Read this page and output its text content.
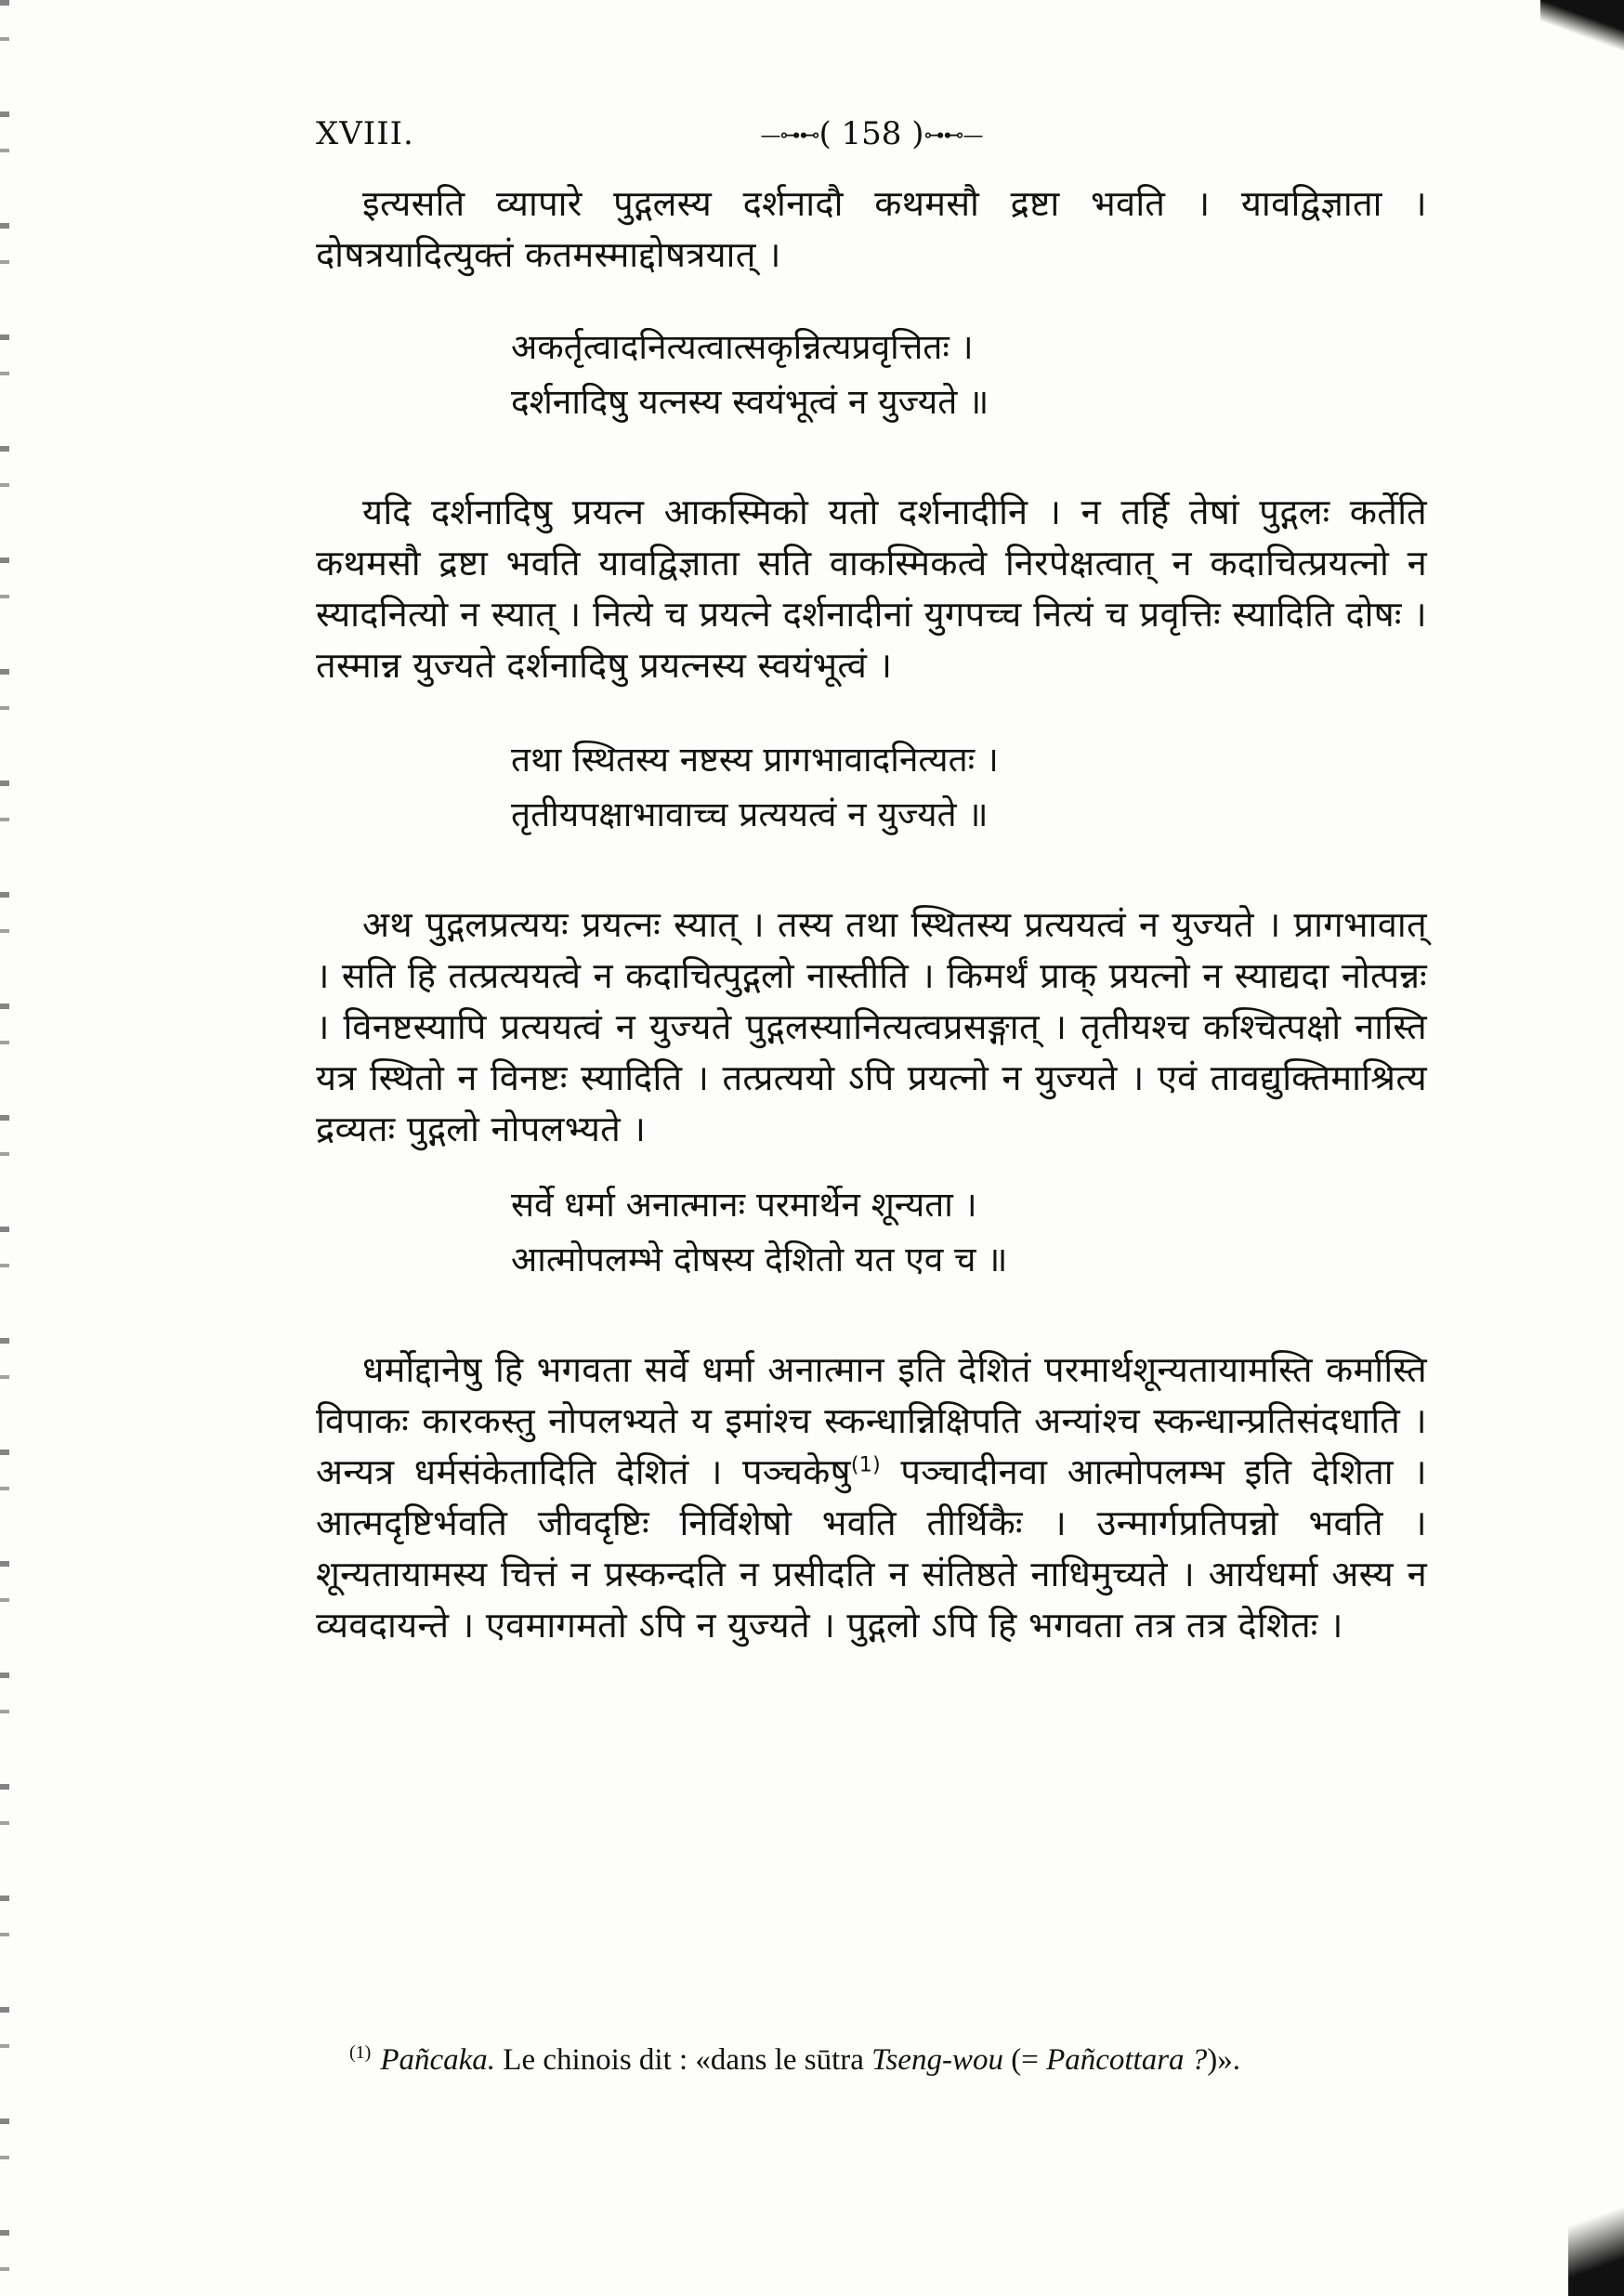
XVIII.	—⊶⊷( 158 )⊶⊷—

इत्यसति व्यापारे पुद्गलस्य दर्शनादौ कथमसौ द्रष्टा भवति । यावद्विज्ञाता । दोषत्रयादित्युक्तं कतमस्माद्दोषत्रयात् ।

अकर्तृत्वादनित्यत्वात्सकृन्नित्यप्रवृत्तितः ।
दर्शनादिषु यत्नस्य स्वयंभूत्वं न युज्यते ॥

यदि दर्शनादिषु प्रयत्न आकस्मिको यतो दर्शनादीनि । न तर्हि तेषां पुद्गलः कर्तेति कथमसौ द्रष्टा भवति यावद्विज्ञाता सति वाकस्मिकत्वे निरपेक्षत्वात् न कदाचित्प्रयत्नो न स्यादनित्यो न स्यात् । नित्ये च प्रयत्ने दर्शनादीनां युगपच्च नित्यं च प्रवृत्तिः स्यादिति दोषः । तस्मान्न युज्यते दर्शनादिषु प्रयत्नस्य स्वयंभूत्वं ।

तथा स्थितस्य नष्टस्य प्रागभावादनित्यतः ।
तृतीयपक्षाभावाच्च प्रत्ययत्वं न युज्यते ॥

अथ पुद्गलप्रत्ययः प्रयत्नः स्यात् । तस्य तथा स्थितस्य प्रत्ययत्वं न युज्यते । प्रागभावात् । सति हि तत्प्रत्ययत्वे न कदाचित्पुद्गलो नास्तीति । किमर्थं प्राक् प्रयत्नो न स्याद्यदा नोत्पन्नः । विनष्टस्यापि प्रत्ययत्वं न युज्यते पुद्गलस्यानित्यत्वप्रसङ्गात् । तृतीयश्च कश्चित्पक्षो नास्ति यत्र स्थितो न विनष्टः स्यादिति । तत्प्रत्ययो ऽपि प्रयत्नो न युज्यते । एवं तावद्युक्तिमाश्रित्य द्रव्यतः पुद्गलो नोपलभ्यते ।

सर्वे धर्मा अनात्मानः परमार्थेन शून्यता ।
आत्मोपलम्भे दोषस्य देशितो यत एव च ॥

धर्मोद्दानेषु हि भगवता सर्वे धर्मा अनात्मान इति देशितं परमार्थशून्यतायामस्ति कर्मास्ति विपाकः कारकस्तु नोपलभ्यते य इमांश्च स्कन्धान्निक्षिपति अन्यांश्च स्कन्धान्प्रतिसंदधाति । अन्यत्र धर्मसंकेतादिति देशितं । पञ्चकेषु$^{(1)}$ पञ्चादीनवा आत्मोपलम्भ इति देशिता । आत्मदृष्टिर्भवति जीवदृष्टिः निर्विशेषो भवति तीर्थिकैः । उन्मार्गप्रतिपन्नो भवति । शून्यतायामस्य चित्तं न प्रस्कन्दति न प्रसीदति न संतिष्ठते नाधिमुच्यते । आर्यधर्मा अस्य न व्यवदायन्ते । एवमागमतो ऽपि न युज्यते । पुद्गलो ऽपि हि भगवता तत्र तत्र देशितः ।

$^{(1)}$ Pañcaka. Le chinois dit : «dans le sūtra Tseng-wou (= Pañcottara ?)».
